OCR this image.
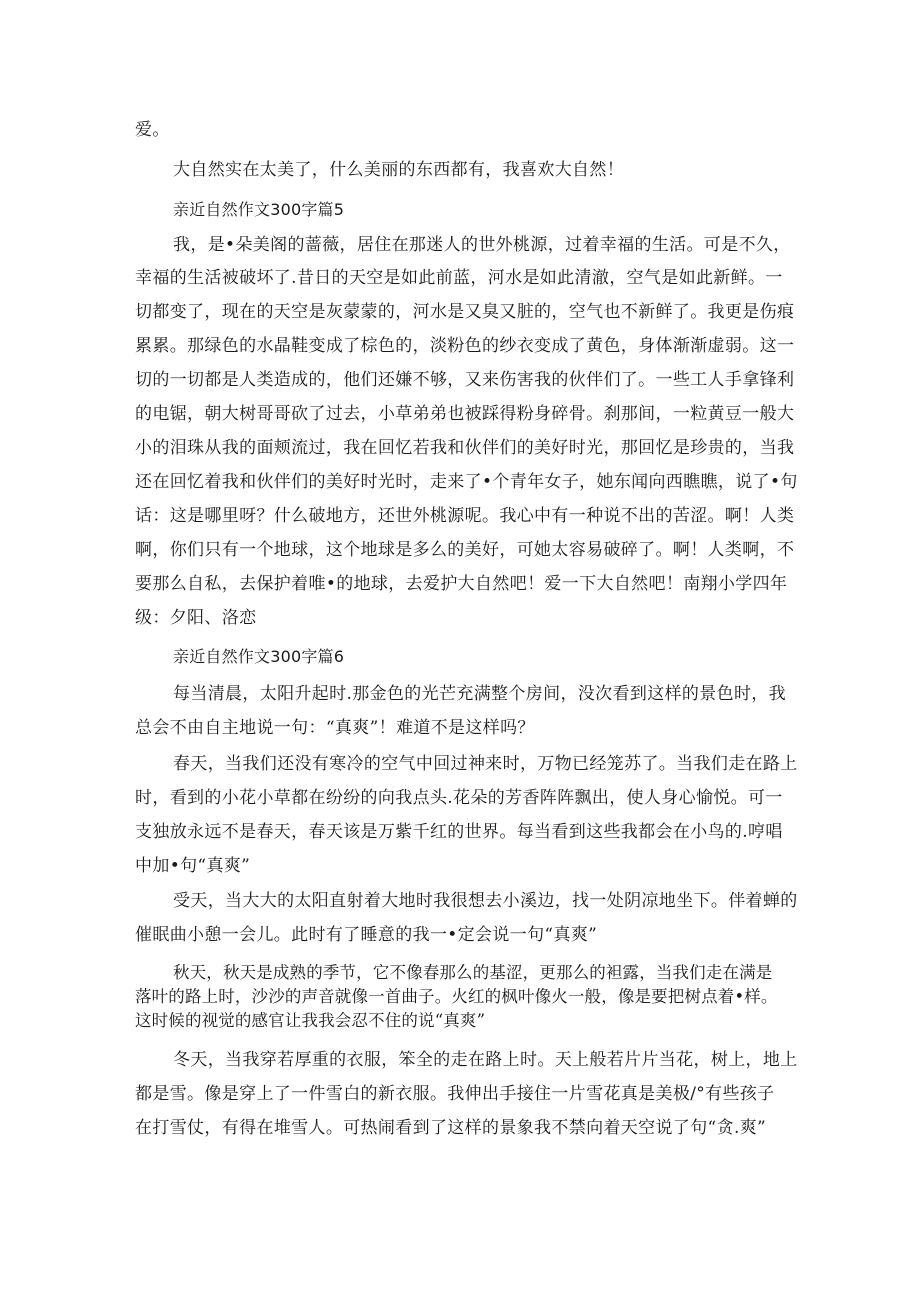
爱。
大自然实在太美了，什么美丽的东西都有，我喜欢大自然！
亲近自然作文300字篇5
我，是•朵美阁的蔷薇，居住在那迷人的世外桃源，过着幸福的生活。可是不久，
幸福的生活被破坏了.昔日的天空是如此前蓝，河水是如此清澈，空气是如此新鲜。一
切都变了，现在的天空是灰蒙蒙的，河水是又臭又脏的，空气也不新鲜了。我更是伤痕
累累。那绿色的水晶鞋变成了棕色的，淡粉色的纱衣变成了黄色，身体渐渐虚弱。这一
切的一切都是人类造成的，他们还嫌不够，又来伤害我的伙伴们了。一些工人手拿锋利
的电锯，朝大树哥哥砍了过去，小草弟弟也被踩得粉身碎骨。刹那间，一粒黄豆一般大
小的泪珠从我的面颊流过，我在回忆若我和伙伴们的美好时光，那回忆是珍贵的，当我
还在回忆着我和伙伴们的美好时光时，走来了•个青年女子，她东闻向西瞧瞧，说了•句
话：这是哪里呀？什么破地方，还世外桃源呢。我心中有一种说不出的苦涩。啊！人类
啊，你们只有一个地球，这个地球是多么的美好，可她太容易破碎了。啊！人类啊，不
要那么自私，去保护着唯•的地球，去爱护大自然吧！爱一下大自然吧！南翔小学四年
级：夕阳、洛恋
亲近自然作文300字篇6
每当清晨，太阳升起时.那金色的光芒充满整个房间，没次看到这样的景色时，我
总会不由自主地说一句：“真爽”！难道不是这样吗？
春天，当我们还没有寒冷的空气中回过神来时，万物已经笼苏了。当我们走在路上
时，看到的小花小草都在纷纷的向我点头.花朵的芳香阵阵飘出，使人身心愉悦。可一
支独放永远不是春天，春天该是万紫千红的世界。每当看到这些我都会在小鸟的.哼唱
中加•句“真爽”
受天，当大大的太阳直射着大地时我很想去小溪边，找一处阴凉地坐下。伴着蝉的
催眠曲小憩一会儿。此时有了睡意的我一•定会说一句“真爽”
秋天，秋天是成熟的季节，它不像春那么的基涩，更那么的袒露，当我们走在满是
落叶的路上时，沙沙的声音就像一首曲子。火红的枫叶像火一般，像是要把树点着•样。
这时候的视觉的感官让我我会忍不住的说“真爽”
冬天，当我穿若厚重的衣服，笨全的走在路上时。天上般若片片当花，树上，地上
都是雪。像是穿上了一件雪白的新衣服。我伸出手接住一片雪花真是美极/°有些孩子
在打雪仗，有得在堆雪人。可热闹看到了这样的景象我不禁向着天空说了句“贪.爽”
